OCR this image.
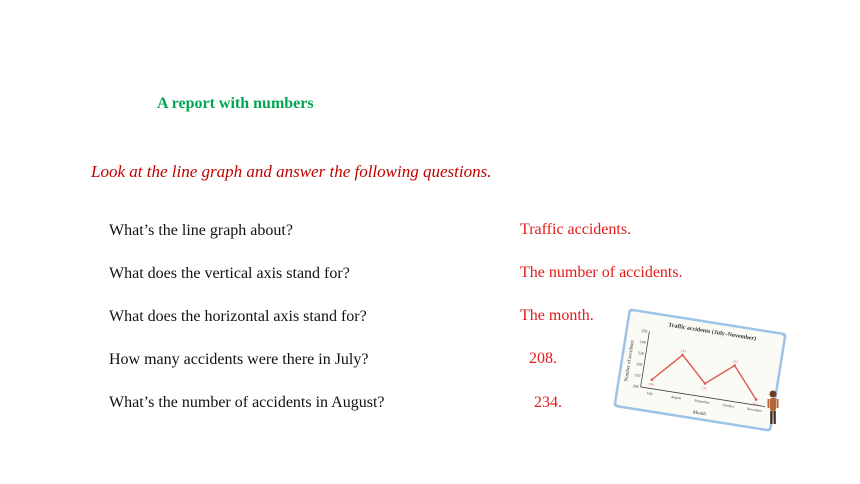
A report with numbers
Look at the line graph and answer the following questions.
What’s the line graph about?
What does the vertical axis stand for?
What does the horizontal axis stand for?
How many accidents were there in July?
What’s the number of accidents in August?
Traffic accidents.
The number of accidents.
The month.
208.
234.
Traffic accidents (July–November)
Number of accidents
Month
250
240
230
220
210
200
July
August
September
October
November
208
234
212
232
205
